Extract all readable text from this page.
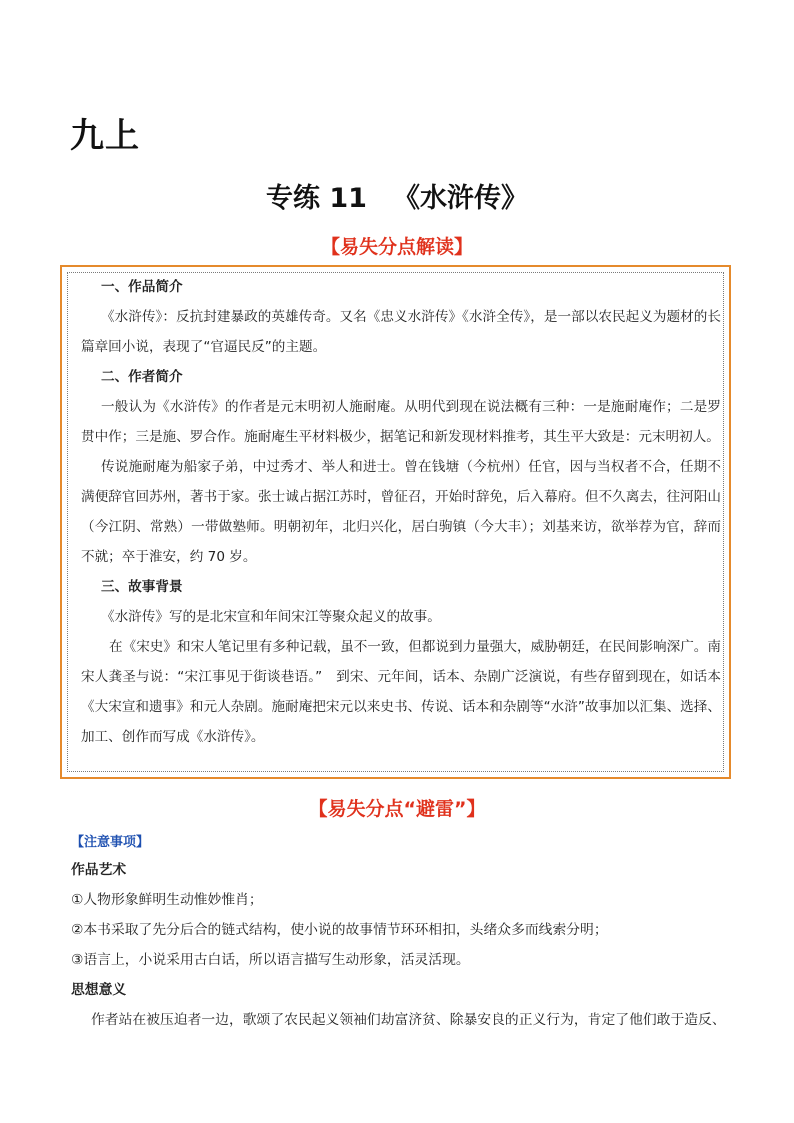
九上
专练 11 《水浒传》
【易失分点解读】
一、作品简介
《水浒传》：反抗封建暴政的英雄传奇。又名《忠义水浒传》《水浒全传》，是一部以农民起义为题材的长篇章回小说，表现了“官逼民反”的主题。
二、作者简介
一般认为《水浒传》的作者是元末明初人施耐庵。从明代到现在说法概有三种：一是施耐庵作；二是罗贯中作；三是施、罗合作。施耐庵生平材料极少，据笔记和新发现材料推考，其生平大致是：元末明初人。
传说施耐庵为船家子弟，中过秀才、举人和进士。曾在钱塘（今杭州）任官，因与当权者不合，任期不满便辞官回苏州，著书于家。张士诚占据江苏时，曾征召，开始时辞免，后入幕府。但不久离去，往河阳山（今江阴、常熟）一带做塾师。明朝初年，北归兴化，居白驹镇（今大丰）；刘基来访，欲举荐为官，辞而不就；卒于淮安，约 70 岁。
三、故事背景
《水浒传》写的是北宋宣和年间宋江等聚众起义的故事。
在《宋史》和宋人笔记里有多种记载，虽不一致，但都说到力量强大，威胁朝廷，在民间影响深广。南宋人龚圣与说：“宋江事见于街谈巷语。”　到宋、元年间，话本、杂剧广泛演说，有些存留到现在，如话本《大宋宣和遗事》和元人杂剧。施耐庵把宋元以来史书、传说、话本和杂剧等“水浒”故事加以汇集、选择、加工、创作而写成《水浒传》。
【易失分点“避雷”】
【注意事项】
作品艺术
①人物形象鲜明生动惟妙惟肖；
②本书采取了先分后合的链式结构，使小说的故事情节环环相扣，头绪众多而线索分明；
③语言上，小说采用古白话，所以语言描写生动形象，活灵活现。
思想意义
作者站在被压迫者一边，歌颂了农民起义领袖们劫富济贫、除暴安良的正义行为，肯定了他们敢于造反、
